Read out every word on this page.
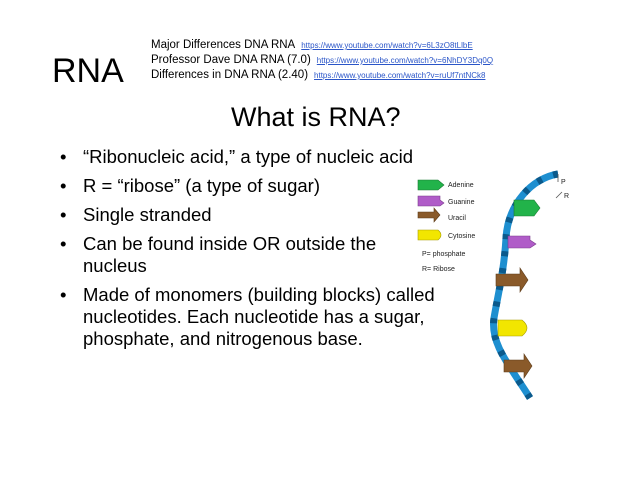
RNA
Major Differences DNA RNA https://www.youtube.com/watch?v=6L3zO8tLlbE
Professor Dave DNA RNA (7.0) https://www.youtube.com/watch?v=6NhDY3Dq0Q
Differences in DNA RNA (2.40) https://www.youtube.com/watch?v=ruUf7ntNCk8
What is RNA?
• “Ribonucleic acid,” a type of nucleic acid
• R = “ribose” (a type of sugar)
• Single stranded
• Can be found inside OR outside the nucleus
• Made of monomers (building blocks) called nucleotides. Each nucleotide has a sugar, phosphate, and nitrogenous base.
Adenine
Guanine
Uracil
Cytosine
P= phosphate
R= Ribose
P
R
